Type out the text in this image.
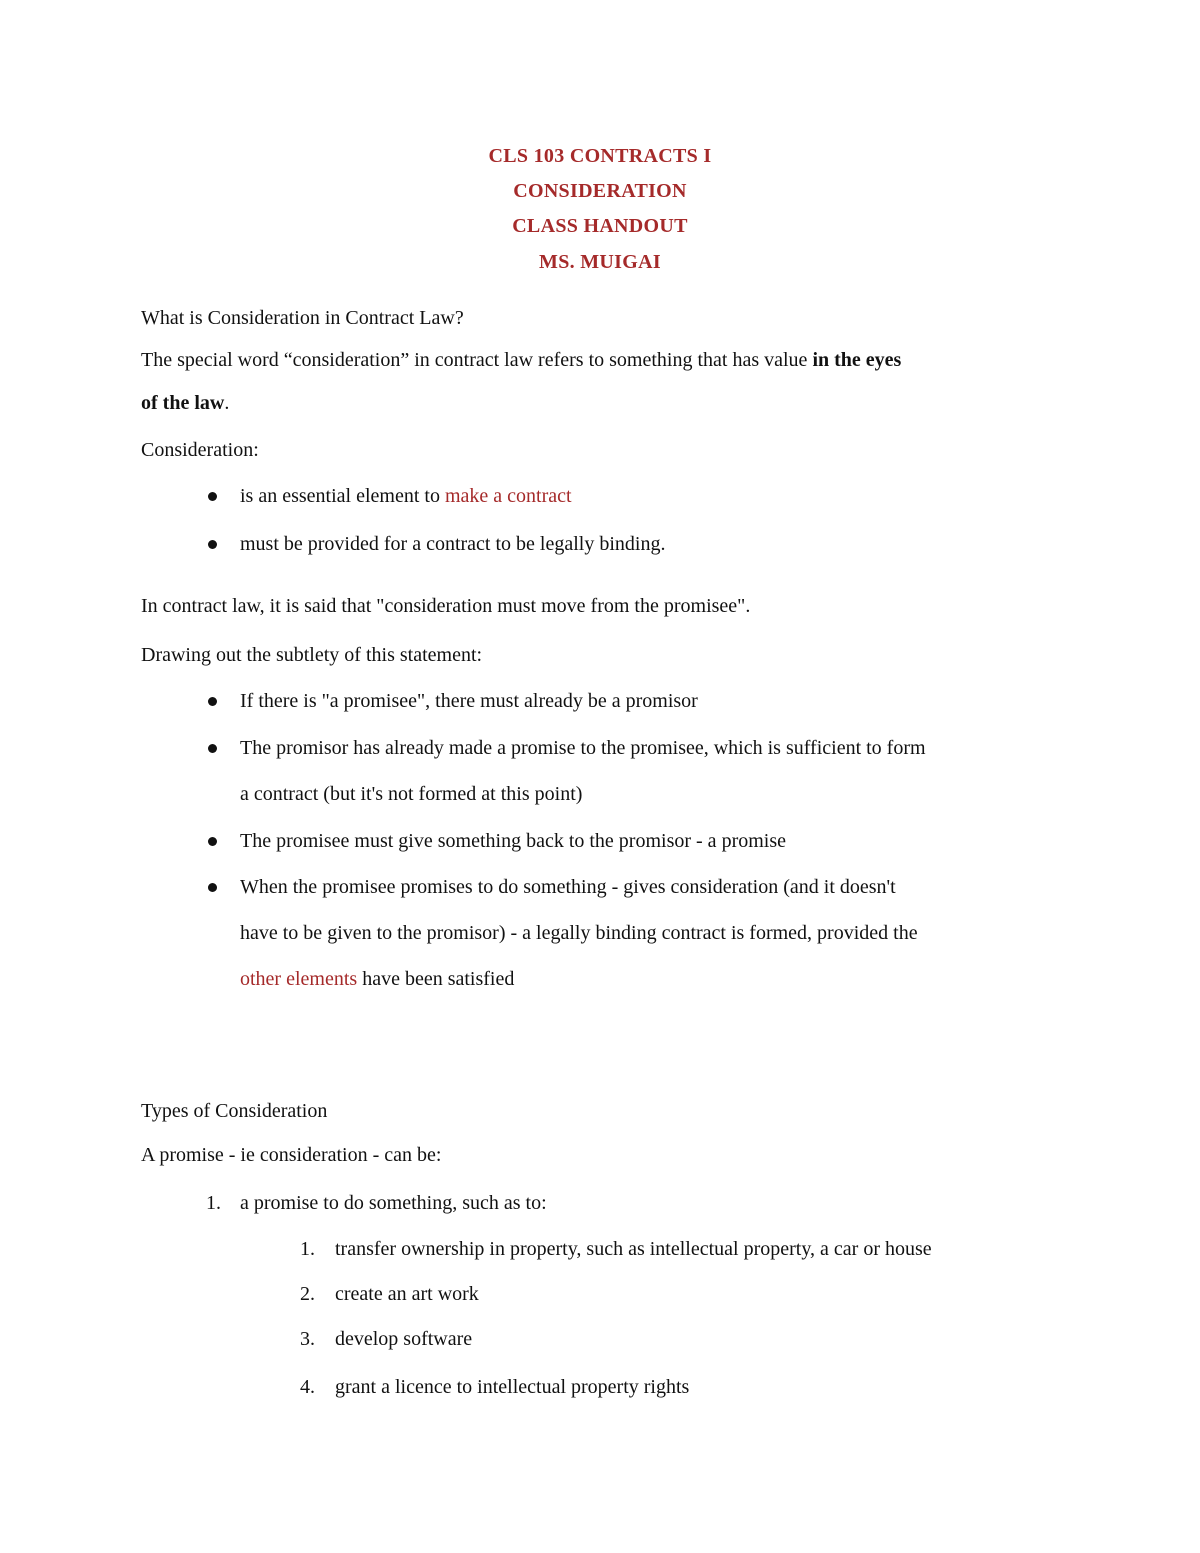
CLS 103 CONTRACTS I
CONSIDERATION
CLASS HANDOUT
MS. MUIGAI
What is Consideration in Contract Law?
The special word “consideration” in contract law refers to something that has value in the eyes
of the law.
Consideration:
is an essential element to make a contract
must be provided for a contract to be legally binding.
In contract law, it is said that "consideration must move from the promisee".
Drawing out the subtlety of this statement:
If there is "a promisee", there must already be a promisor
The promisor has already made a promise to the promisee, which is sufficient to form
a contract (but it's not formed at this point)
The promisee must give something back to the promisor - a promise
When the promisee promises to do something - gives consideration (and it doesn't
have to be given to the promisor) - a legally binding contract is formed, provided the
other elements have been satisfied
Types of Consideration
A promise - ie consideration - can be:
1. a promise to do something, such as to:
1. transfer ownership in property, such as intellectual property, a car or house
2. create an art work
3. develop software
4. grant a licence to intellectual property rights
